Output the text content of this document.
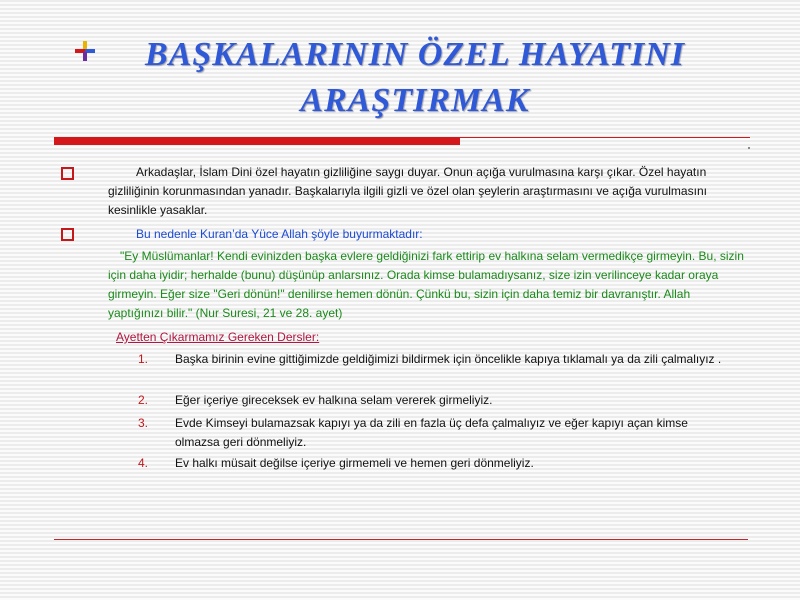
BAŞKALARININ ÖZEL HAYATINI
ARAŞTIRMAK
Arkadaşlar, İslam Dini özel hayatın gizliliğine saygı duyar. Onun açığa vurulmasına karşı çıkar. Özel hayatın gizliliğinin korunmasından yanadır. Başkalarıyla ilgili gizli ve özel olan şeylerin araştırmasını ve açığa vurulmasını kesinlikle yasaklar.
Bu nedenle Kuran’da Yüce Allah şöyle buyurmaktadır:
"Ey Müslümanlar! Kendi evinizden başka evlere geldiğinizi fark ettirip ev halkına selam vermedikçe girmeyin. Bu, sizin için daha iyidir; herhalde (bunu) düşünüp anlarsınız. Orada kimse bulamadıysanız, size izin verilinceye kadar oraya girmeyin. Eğer size "Geri dönün!" denilirse hemen dönün. Çünkü bu, sizin için daha temiz bir davranıştır. Allah yaptığınızı bilir." (Nur Suresi, 21 ve 28. ayet)
Ayetten Çıkarmamız Gereken Dersler:
1. Başka birinin evine gittiğimizde geldiğimizi bildirmek için öncelikle kapıya tıklamalı ya da zili çalmalıyız .
2. Eğer içeriye gireceksek ev halkına selam vererek girmeliyiz.
3. Evde Kimseyi bulamazsak kapıyı ya da zili en fazla üç defa çalmalıyız ve eğer kapıyı açan kimse olmazsa geri dönmeliyiz.
4. Ev halkı müsait değilse içeriye girmemeli ve hemen geri dönmeliyiz.
